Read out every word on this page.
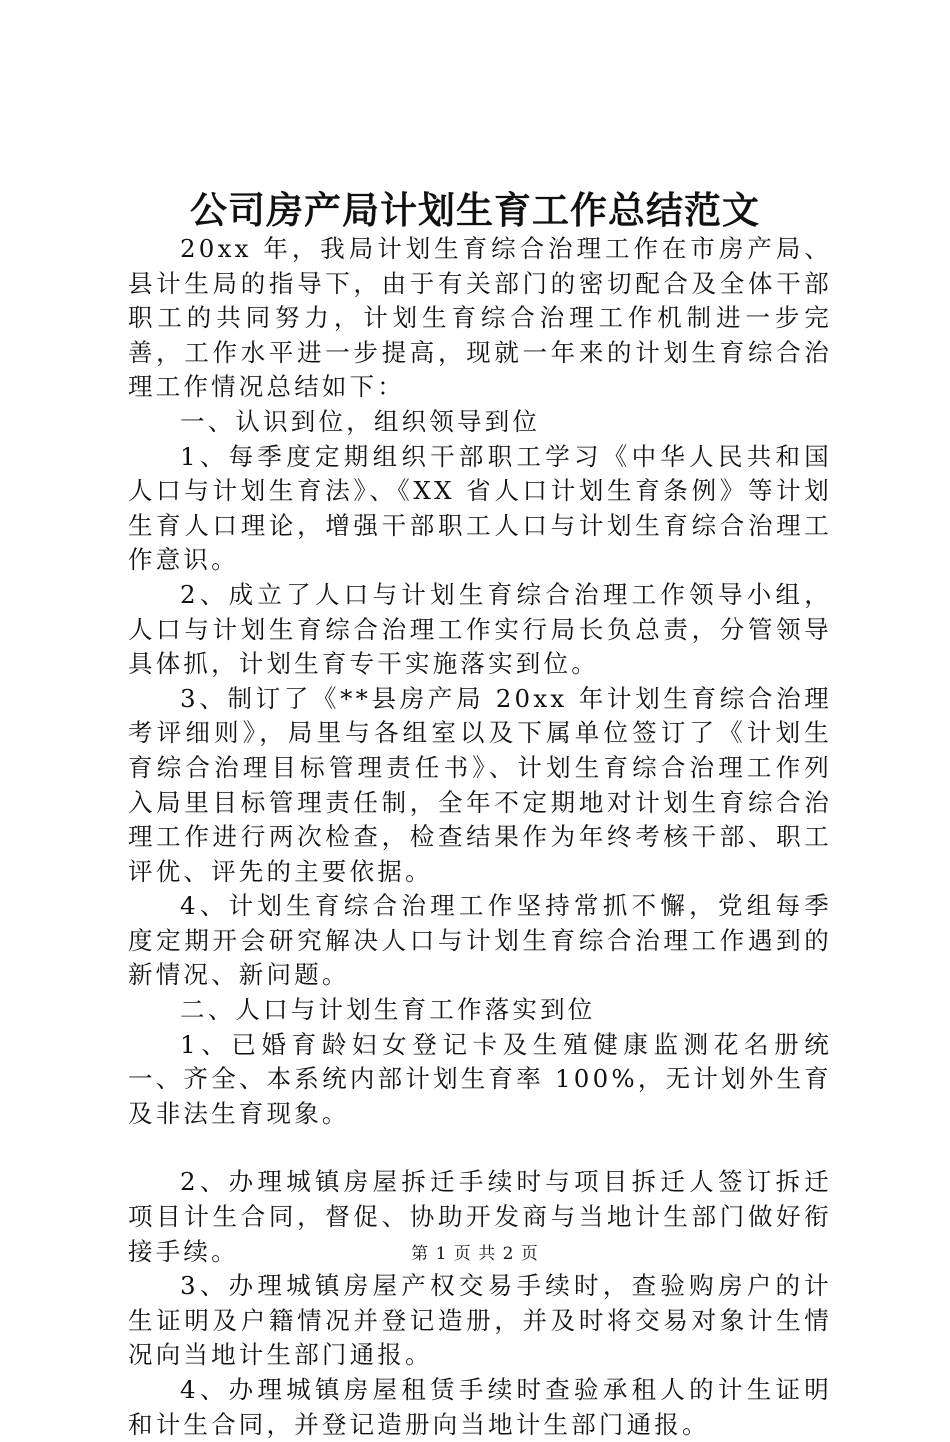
公司房产局计划生育工作总结范文

20xx 年，我局计划生育综合治理工作在市房产局、县计生局的指导下，由于有关部门的密切配合及全体干部职工的共同努力，计划生育综合治理工作机制进一步完善，工作水平进一步提高，现就一年来的计划生育综合治理工作情况总结如下：

一、认识到位，组织领导到位

1、每季度定期组织干部职工学习《中华人民共和国人口与计划生育法》、《XX 省人口计划生育条例》等计划生育人口理论，增强干部职工人口与计划生育综合治理工作意识。

2、成立了人口与计划生育综合治理工作领导小组，人口与计划生育综合治理工作实行局长负总责，分管领导具体抓，计划生育专干实施落实到位。

3、制订了《**县房产局 20xx 年计划生育综合治理考评细则》，局里与各组室以及下属单位签订了《计划生育综合治理目标管理责任书》、计划生育综合治理工作列入局里目标管理责任制，全年不定期地对计划生育综合治理工作进行两次检查，检查结果作为年终考核干部、职工评优、评先的主要依据。

4、计划生育综合治理工作坚持常抓不懈，党组每季度定期开会研究解决人口与计划生育综合治理工作遇到的新情况、新问题。

二、人口与计划生育工作落实到位

1、已婚育龄妇女登记卡及生殖健康监测花名册统一、齐全、本系统内部计划生育率 100%，无计划外生育及非法生育现象。

2、办理城镇房屋拆迁手续时与项目拆迁人签订拆迁项目计生合同，督促、协助开发商与当地计生部门做好衔接手续。

3、办理城镇房屋产权交易手续时，查验购房户的计生证明及户籍情况并登记造册，并及时将交易对象计生情况向当地计生部门通报。

4、办理城镇房屋租赁手续时查验承租人的计生证明和计生合同，并登记造册向当地计生部门通报。

第 1 页 共 2 页
